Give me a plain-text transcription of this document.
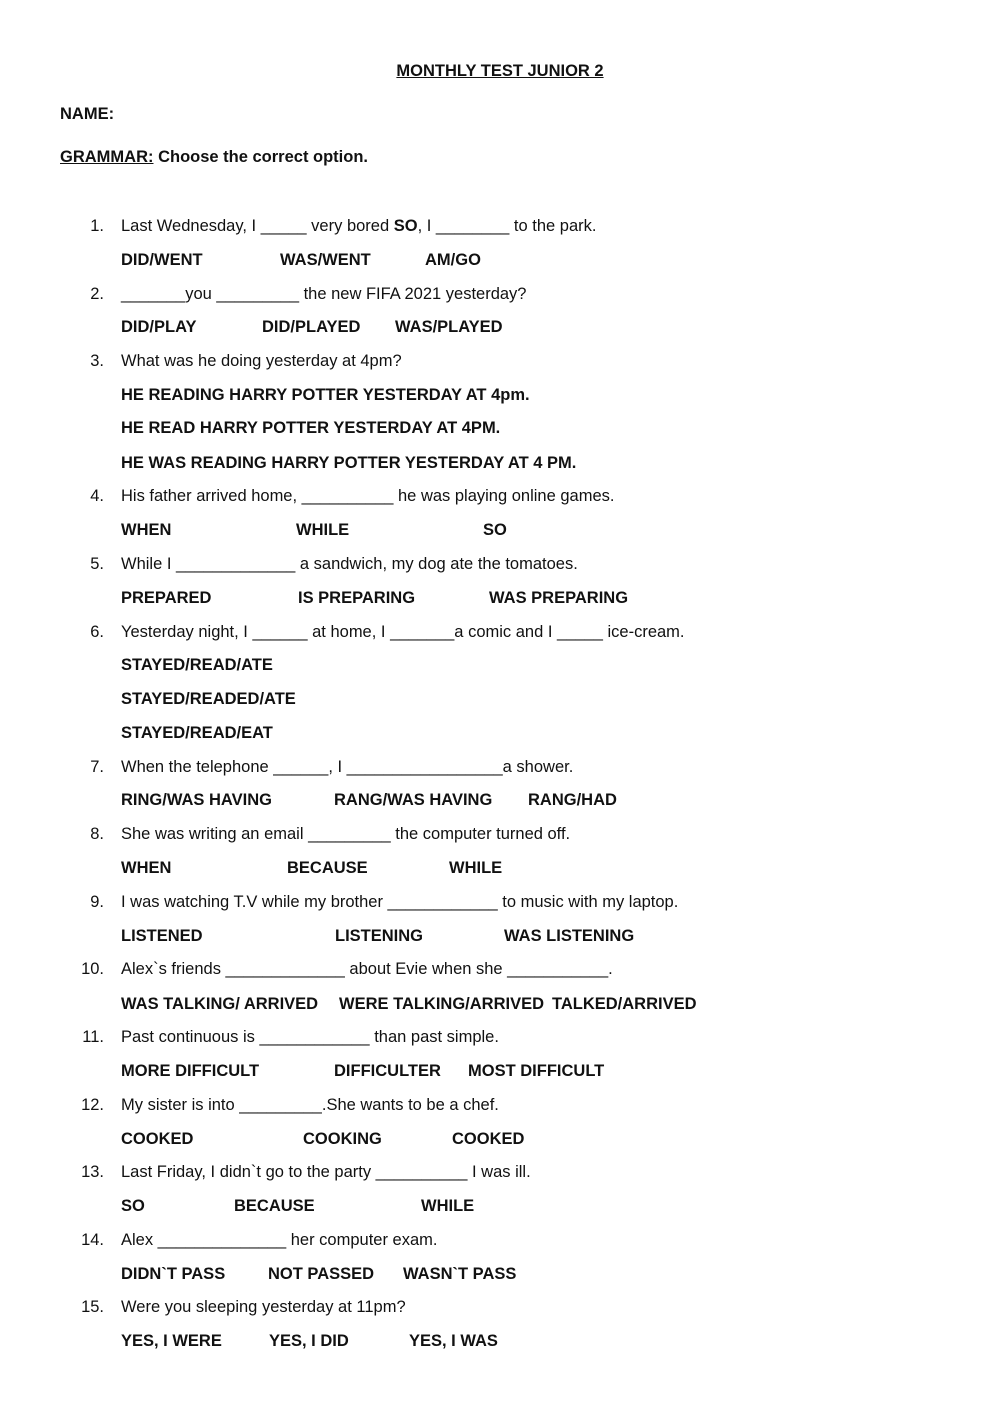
MONTHLY TEST JUNIOR 2
NAME:
GRAMMAR: Choose the correct option.
1. Last Wednesday, I _____ very bored SO, I ________ to the park.
DID/WENT	WAS/WENT	AM/GO
2. _______you _________ the new FIFA 2021 yesterday?
DID/PLAY	DID/PLAYED WAS/PLAYED
3. What was he doing yesterday at 4pm?
HE READING HARRY POTTER YESTERDAY AT 4pm.
HE READ HARRY POTTER YESTERDAY AT 4PM.
HE WAS READING HARRY POTTER YESTERDAY AT 4 PM.
4. His father arrived home, __________ he was playing online games.
WHEN	WHILE	SO
5. While I _____________ a sandwich, my dog ate the tomatoes.
PREPARED	IS PREPARING	WAS PREPARING
6. Yesterday night, I ______ at home, I _______a comic and I _____ ice-cream.
STAYED/READ/ATE
STAYED/READED/ATE
STAYED/READ/EAT
7. When the telephone ______, I _________________a shower.
RING/WAS HAVING	RANG/WAS HAVING RANG/HAD
8. She was writing an email _________ the computer turned off.
WHEN	BECAUSE	WHILE
9. I was watching T.V while my brother ____________ to music with my laptop.
LISTENED	LISTENING	WAS LISTENING
10. Alex`s friends _____________ about Evie when she ___________.
WAS TALKING/ ARRIVED WERE TALKING/ARRIVED TALKED/ARRIVED
11. Past continuous is ____________ than past simple.
MORE DIFFICULT	DIFFICULTER MOST DIFFICULT
12. My sister is into _________.She wants to be a chef.
COOKED	COOKING	COOKED
13. Last Friday, I didn`t go to the party __________ I was ill.
SO	BECAUSE	WHILE
14. Alex ______________ her computer exam.
DIDN`T PASS	NOT PASSED WASN`T PASS
15. Were you sleeping yesterday at 11pm?
YES, I WERE	YES, I DID	YES, I WAS
